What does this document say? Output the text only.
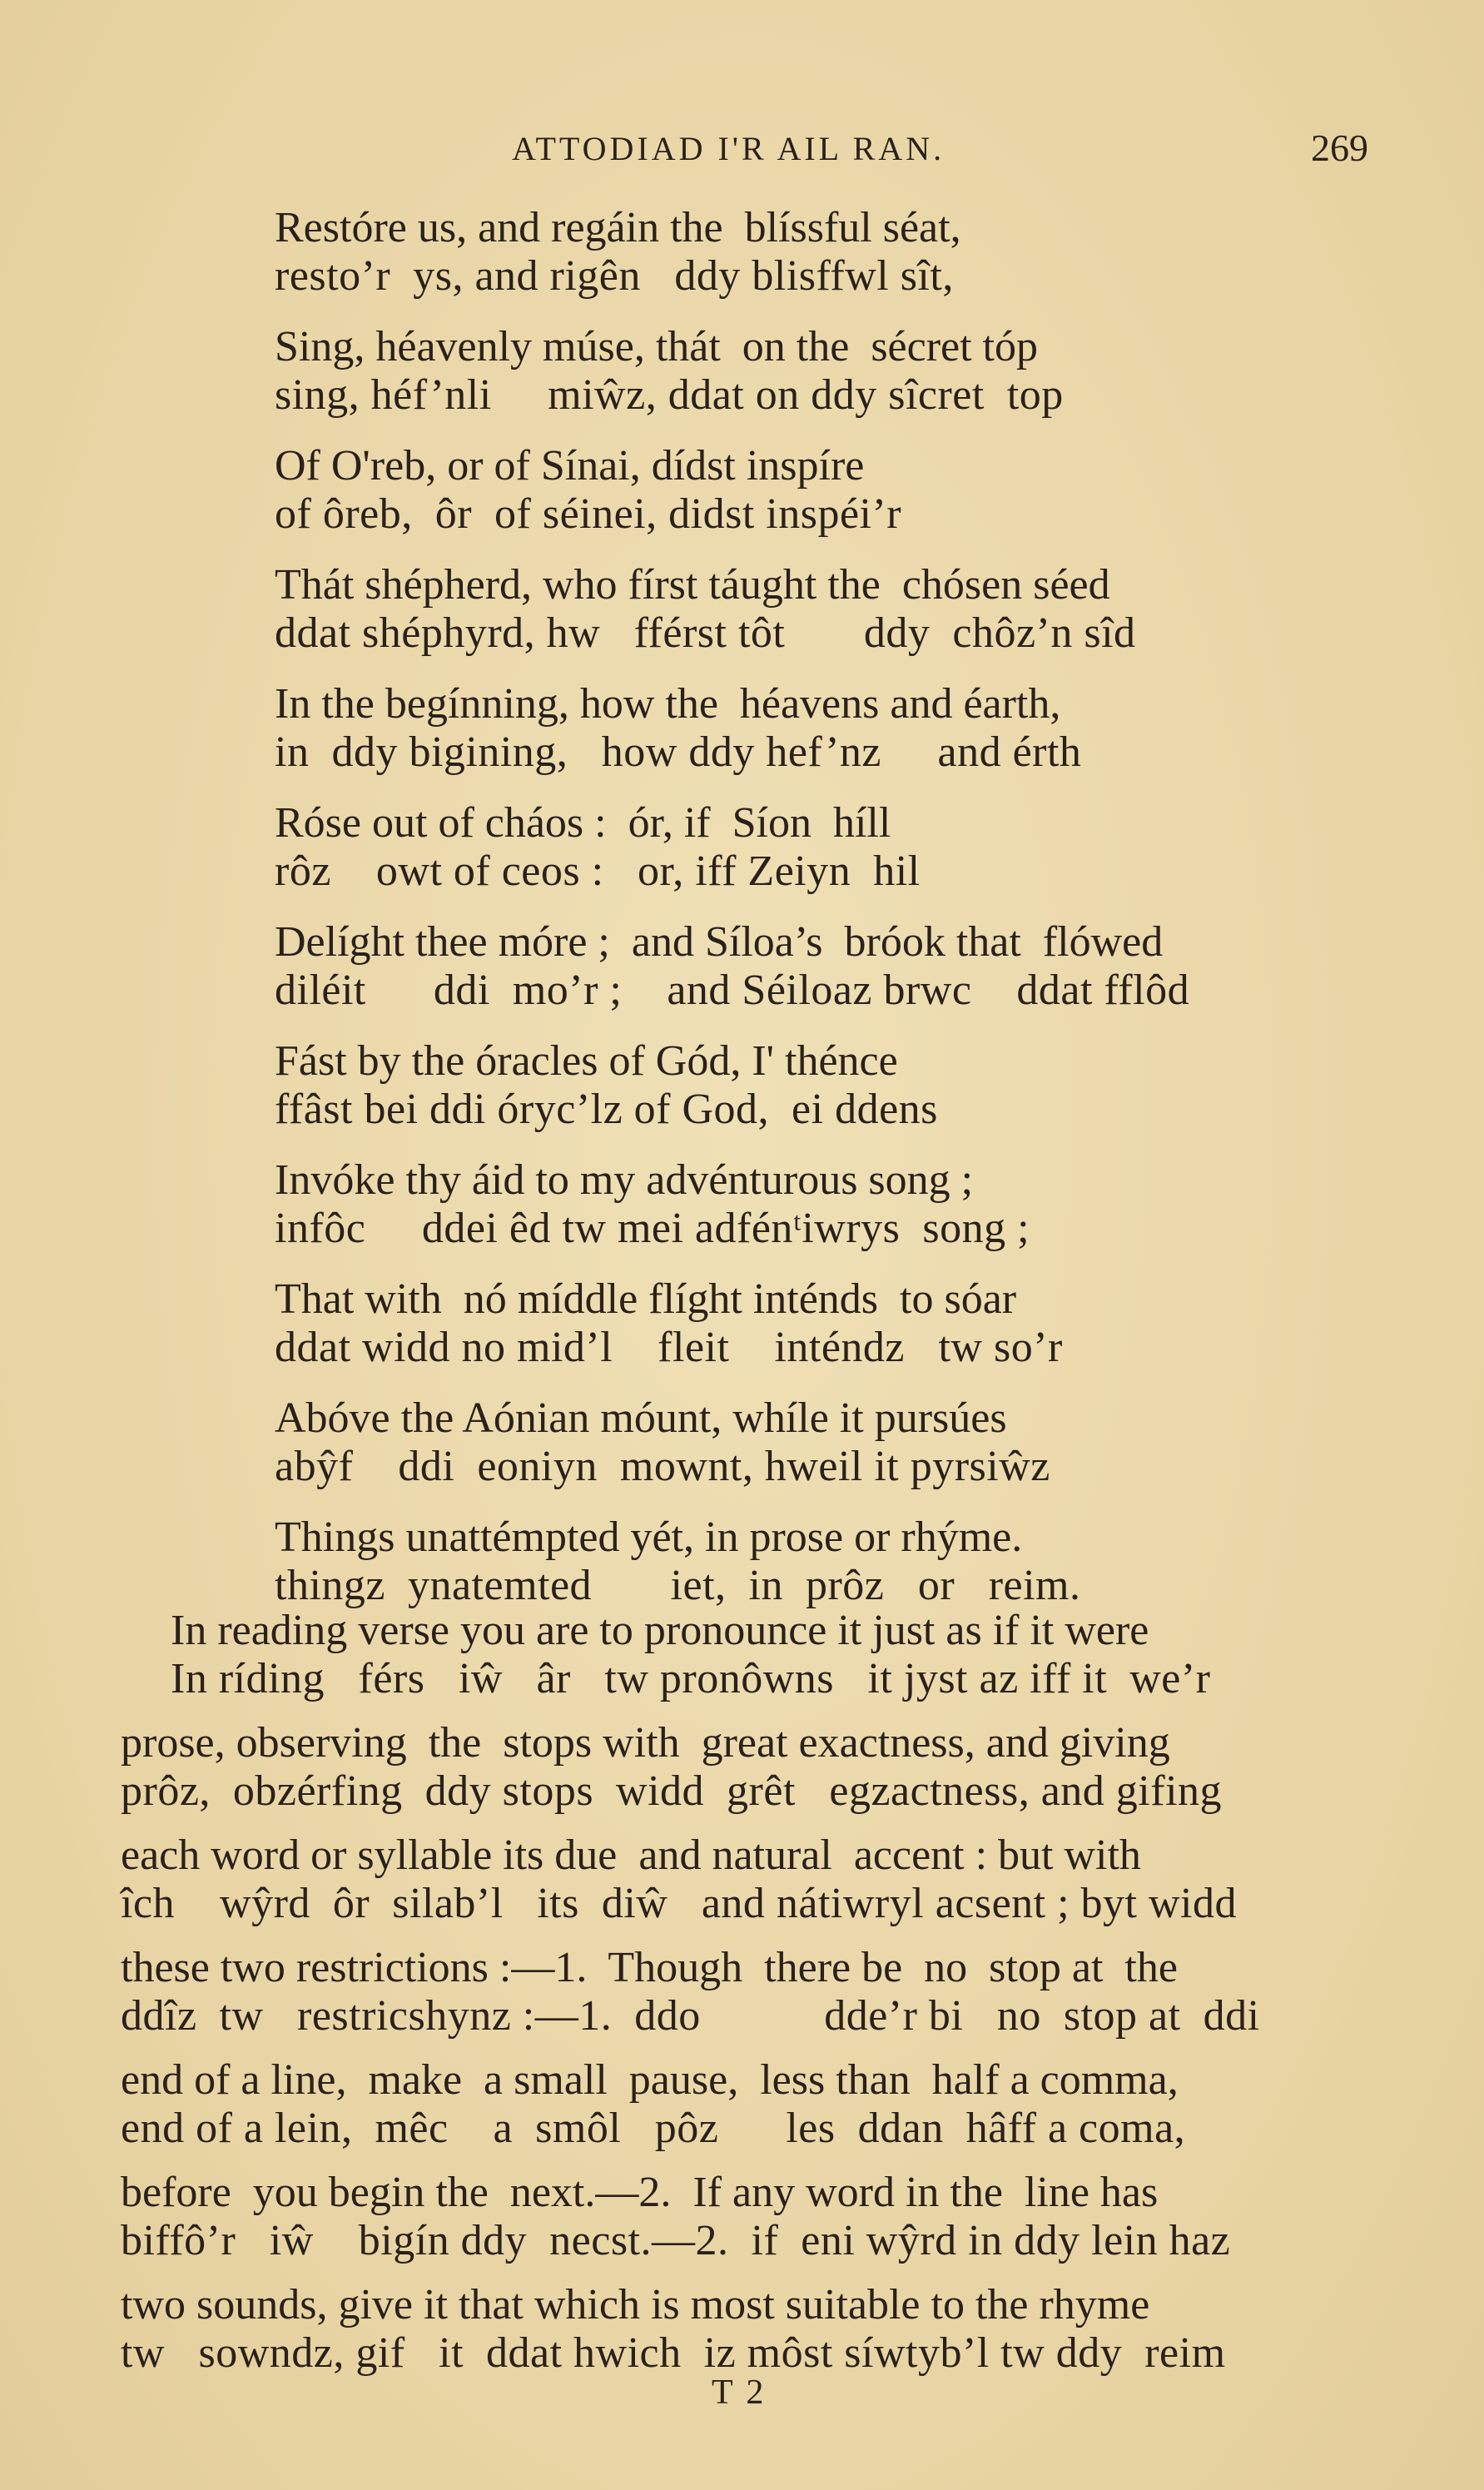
ATTODIAD I'R AIL RAN.	269
Restóre us, and regáin the  blíssful séat,
restoʼr  ys, and rigên   ddy blisffwl sît,
Sing, héavenly múse, thát  on the  sécret tóp
sing, héf’nli     miŵz, ddat on ddy sîcret  top
Of O'reb, or of Sínai, dídst inspíre
of ôreb,  ôr  of séinei, didst inspéiʼr
Thát shépherd, who fírst táught the  chósen séed
ddat shéphyrd, hw   fférst tôt       ddy  chôz’n sîd
In the begínning, how the  héavens and éarth,
in  ddy bigining,   how ddy hef’nz     and érth
Róse out of cháos :  ór, if  Síon  híll
rôz    owt of ceos :   or, iff Zeiyn  hil
Delíght thee móre ;  and Síloa’s  bróok that  flówed
diléit      ddi  moʼr ;    and Séiloaz brwc    ddat fflôd
Fást by the óracles of Gód, I' thénce
ffâst bei ddi óryc’lz of God,  ei ddens
Invóke thy áid to my advénturous song ;
infôc     ddei êd tw mei adfénᵗiwrys  song ;
That with  nó míddle flíght inténds  to sóar
ddat widd no mid’l    fleit    inténdz   tw soʼr
Abóve the Aónian móunt, whíle it pursúes
abŷf    ddi  eoniyn  mownt, hweil it pyrsiŵz
Things unattémpted yét, in prose or rhýme.
thingz  ynatemted       iet,  in  prôz   or   reim.
In reading verse you are to pronounce it just as if it were
In ríding   férs   iŵ   âr   tw pronôwns   it jyst az iff it  weʼr
prose, observing  the  stops with  great exactness, and giving
prôz,  obzérfing  ddy stops  widd  grêt   egzactness, and gifing
each word or syllable its due  and natural  accent : but with
îch    wŷrd  ôr  silab’l   its  diŵ   and nátiwryl acsent ; byt widd
these two restrictions :—1.  Though  there be  no  stop at  the
ddîz  tw   restricshynz :—1.  ddo           ddeʼr bi   no  stop at  ddi
end of a line,  make  a small  pause,  less than  half a comma,
end of a lein,  mêc    a  smôl   pôz      les  ddan  hâff a coma,
before  you begin the  next.—2.  If any word in the  line has
biffôʼr   iŵ    bigín ddy  necst.—2.  if  eni wŷrd in ddy lein haz
two sounds, give it that which is most suitable to the rhyme
tw   sowndz, gif   it  ddat hwich  iz môst síwtyb’l tw ddy  reim
T 2
